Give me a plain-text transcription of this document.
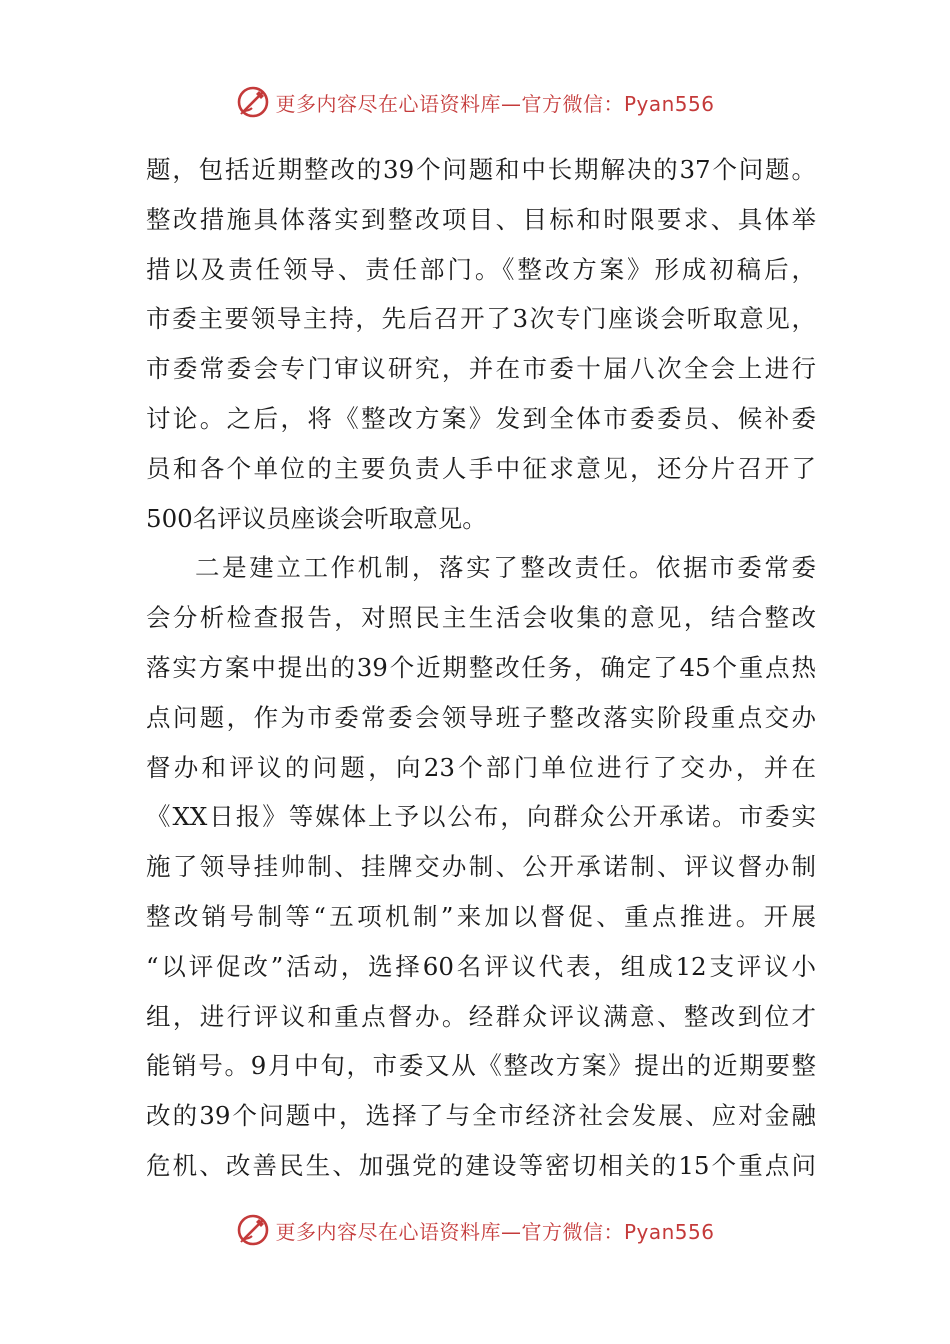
更多内容尽在心语资料库—官方微信：Pyan556
题，包括近期整改的39个问题和中长期解决的37个问题。
整改措施具体落实到整改项目、目标和时限要求、具体举
措以及责任领导、责任部门。《整改方案》形成初稿后，
市委主要领导主持，先后召开了3次专门座谈会听取意见，
市委常委会专门审议研究，并在市委十届八次全会上进行
讨论。之后，将《整改方案》发到全体市委委员、候补委
员和各个单位的主要负责人手中征求意见，还分片召开了
500名评议员座谈会听取意见。
二是建立工作机制，落实了整改责任。依据市委常委
会分析检查报告，对照民主生活会收集的意见，结合整改
落实方案中提出的39个近期整改任务，确定了45个重点热
点问题，作为市委常委会领导班子整改落实阶段重点交办
督办和评议的问题，向23个部门单位进行了交办，并在
《XX日报》等媒体上予以公布，向群众公开承诺。市委实
施了领导挂帅制、挂牌交办制、公开承诺制、评议督办制
整改销号制等“五项机制”来加以督促、重点推进。开展
“以评促改”活动，选择60名评议代表，组成12支评议小
组，进行评议和重点督办。经群众评议满意、整改到位才
能销号。9月中旬，市委又从《整改方案》提出的近期要整
改的39个问题中，选择了与全市经济社会发展、应对金融
危机、改善民生、加强党的建设等密切相关的15个重点问
更多内容尽在心语资料库—官方微信：Pyan556
